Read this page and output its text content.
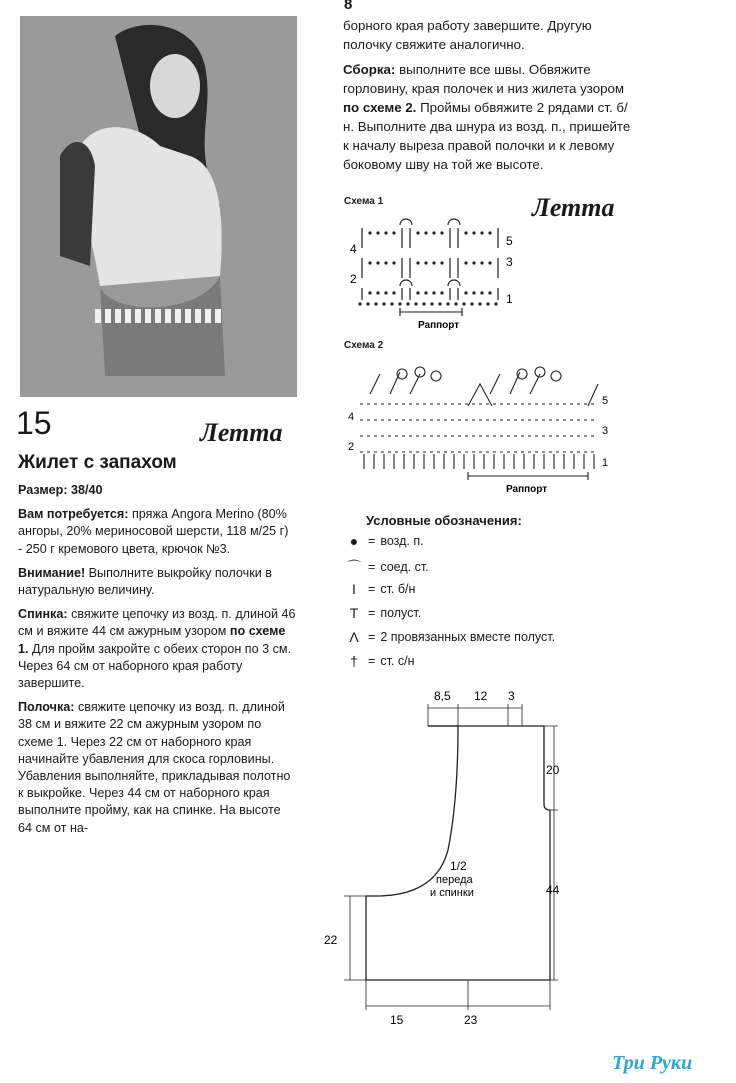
15	Летта
Жилет с запахом

Размер: 38/40

Вам потребуется: пряжа Angora Merino (80% ангоры, 20% мериносовой шерсти, 118 м/25 г) - 250 г кремового цвета, крючок №3.

Внимание! Выполните выкройку полочки в натуральную величину.

Спинка: свяжите цепочку из возд. п. длиной 46 см и вяжите 44 см ажурным узором по схеме 1. Для пройм закройте с обеих сторон по 3 см. Через 64 см от наборного края работу завершите.

Полочка: свяжите цепочку из возд. п. длиной 38 см и вяжите 22 см ажурным узором по схеме 1. Через 22 см от наборного края начинайте убавления для скоса горловины. Убавления выполняйте, прикладывая полотно к выкройке. Через 44 см от наборного края выполните пройму, как на спинке. На высоте 64 см от на-

8

борного края работу завершите. Другую полочку свяжите аналогично.

Сборка: выполните все швы. Обвяжите горловину, края полочек и низ жилета узором по схеме 2. Проймы обвяжите 2 рядами ст. б/н. Выполните два шнура из возд. п., пришейте к началу выреза правой полочки и к левому боковому шву на той же высоте.

Летта
Схема 1
4
2
5
3
1
Раппорт
Схема 2
4
2
5
3
1
Раппорт
Условные обозначения:
● = возд. п.
⌒ = соед. ст.
I = ст. б/н
T = полуст.
Ʌ = 2 провязанных вместе полуст.
† = ст. с/н
8,5 12 3
20
44
22
15	23
1/2
переда
и спинки
Три Руки
